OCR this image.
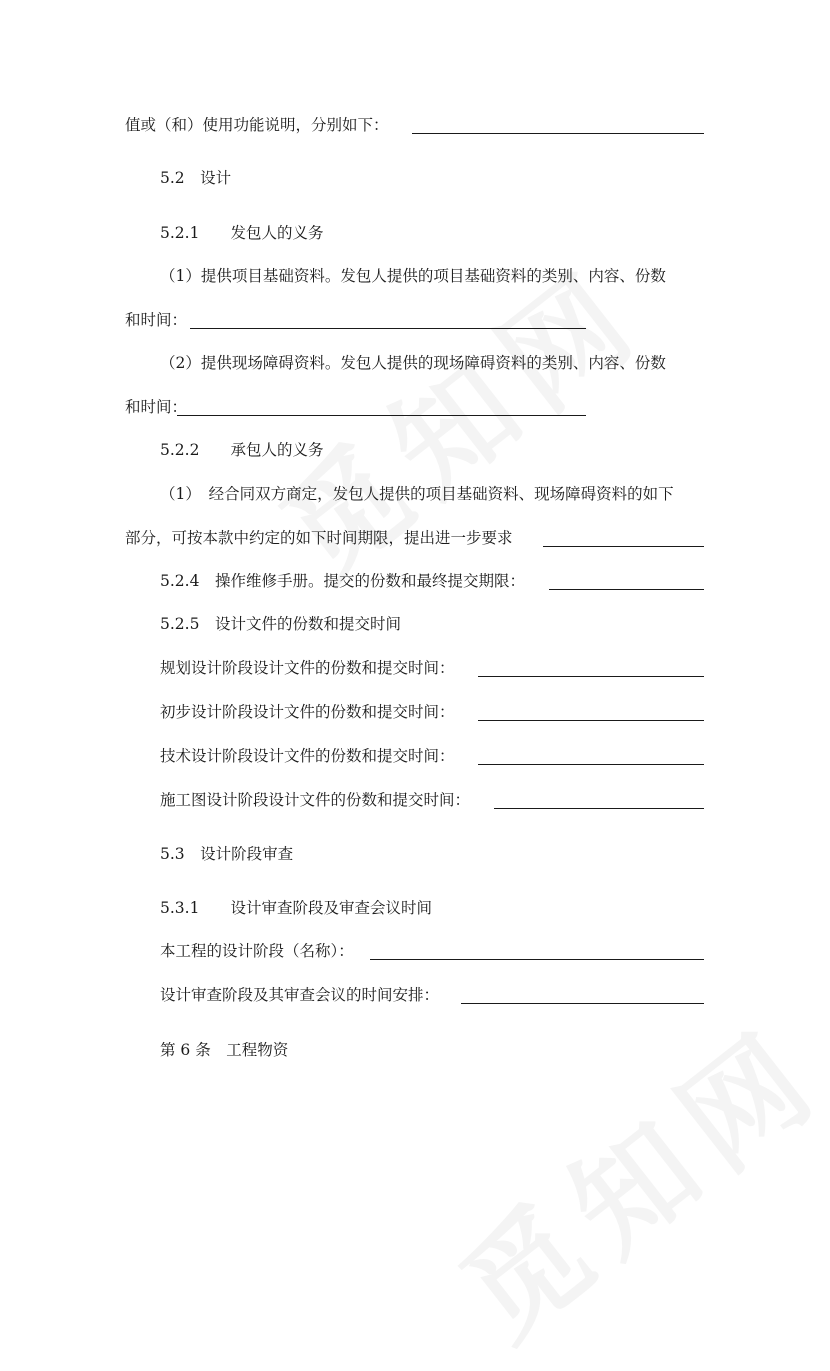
值或（和）使用功能说明，分别如下：
5.2　设计
5.2.1　　发包人的义务
（1）提供项目基础资料。发包人提供的项目基础资料的类别、内容、份数
和时间：
（2）提供现场障碍资料。发包人提供的现场障碍资料的类别、内容、份数
和时间：
5.2.2　　承包人的义务
（1）　经合同双方商定，发包人提供的项目基础资料、现场障碍资料的如下
部分，可按本款中约定的如下时间期限，提出进一步要求
5.2.4　操作维修手册。提交的份数和最终提交期限：
5.2.5　设计文件的份数和提交时间
规划设计阶段设计文件的份数和提交时间：
初步设计阶段设计文件的份数和提交时间：
技术设计阶段设计文件的份数和提交时间：
施工图设计阶段设计文件的份数和提交时间：
5.3　设计阶段审查
5.3.1　　设计审查阶段及审查会议时间
本工程的设计阶段（名称）：
设计审查阶段及其审查会议的时间安排：
第 6 条　工程物资
